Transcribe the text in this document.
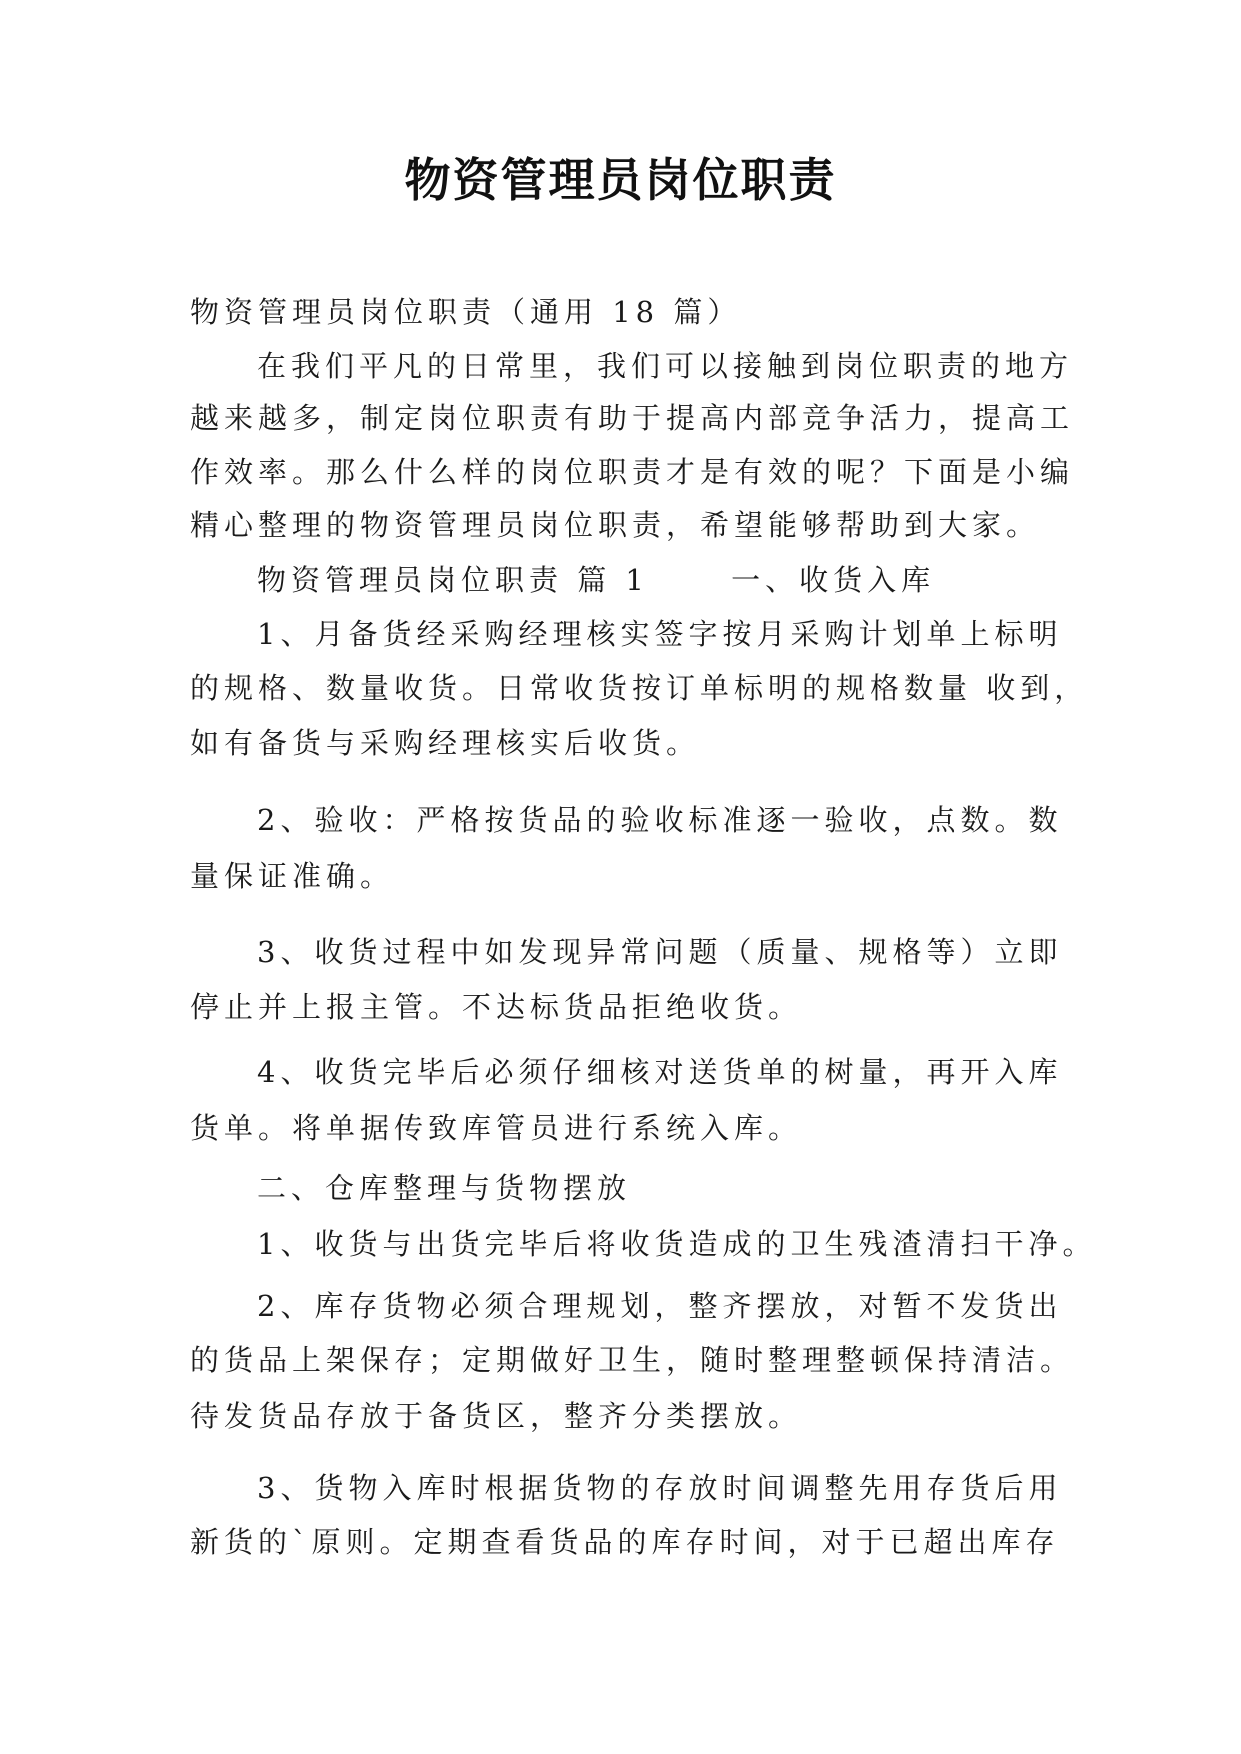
物资管理员岗位职责
物资管理员岗位职责（通用 18 篇）
在我们平凡的日常里，我们可以接触到岗位职责的地方
越来越多，制定岗位职责有助于提高内部竞争活力，提高工
作效率。那么什么样的岗位职责才是有效的呢？下面是小编
精心整理的物资管理员岗位职责，希望能够帮助到大家。
物资管理员岗位职责 篇 1　　 一、收货入库
1、月备货经采购经理核实签字按月采购计划单上标明
的规格、数量收货。日常收货按订单标明的规格数量 收到，
如有备货与采购经理核实后收货。
2、验收：严格按货品的验收标准逐一验收，点数。数
量保证准确。
3、收货过程中如发现异常问题（质量、规格等）立即
停止并上报主管。不达标货品拒绝收货。
4、收货完毕后必须仔细核对送货单的树量，再开入库
货单。将单据传致库管员进行系统入库。
二、仓库整理与货物摆放
1、收货与出货完毕后将收货造成的卫生残渣清扫干净。
2、库存货物必须合理规划，整齐摆放，对暂不发货出
的货品上架保存；定期做好卫生，随时整理整顿保持清洁。
待发货品存放于备货区，整齐分类摆放。
3、货物入库时根据货物的存放时间调整先用存货后用
新货的`原则。定期查看货品的库存时间，对于已超出库存
